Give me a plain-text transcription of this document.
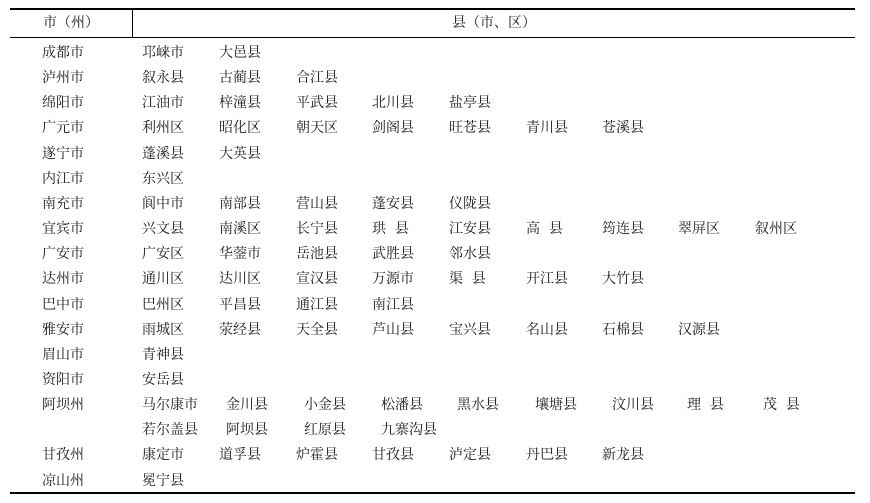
市（州）	县（市、区）
成都市	邛崃市	大邑县
泸州市	叙永县	古蔺县	合江县
绵阳市	江油市	梓潼县	平武县 北川县	盐亭县
广元市	利州区	昭化区	朝天区 剑阁县	旺苍县	青川县 苍溪县
遂宁市	蓬溪县	大英县
内江市	东兴区
南充市	阆中市	南部县	营山县 蓬安县	仪陇县
宜宾市	兴文县	南溪区	长宁县 珙  县	江安县	高  县	筠连县 翠屏区	叙州区
广安市	广安区	华蓥市	岳池县 武胜县	邻水县
达州市	通川区	达川区	宣汉县 万源市	渠  县	开江县 大竹县
巴中市	巴州区	平昌县	通江县 南江县
雅安市	雨城区	荥经县	天全县 芦山县	宝兴县	名山县 石棉县 汉源县
眉山市	青神县
资阳市	安岳县
阿坝州	马尔康市 金川县	小金县	松潘县 黑水县	壤塘县	汶川县 理  县	茂  县
若尔盖县 阿坝县	红原县	九寨沟县
甘孜州	康定市	道孚县	炉霍县 甘孜县	泸定县	丹巴县 新龙县
凉山州	冕宁县
